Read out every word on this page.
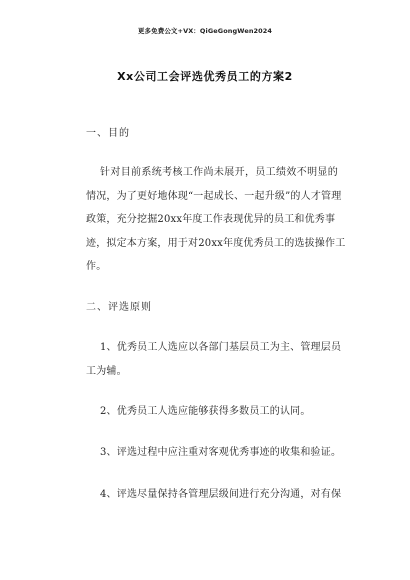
更多免费公文+VX：QiGeGongWen2024
Xx公司工会评选优秀员工的方案2
一、目的
针对目前系统考核工作尚未展开，员工绩效不明显的
情况，为了更好地体现“一起成长、一起升级”的人才管理
政策，充分挖掘20xx年度工作表现优异的员工和优秀事
迹，拟定本方案，用于对20xx年度优秀员工的选拔操作工
作。
二、评选原则
1、优秀员工人选应以各部门基层员工为主、管理层员
工为辅。
2、优秀员工人选应能够获得多数员工的认同。
3、评选过程中应注重对客观优秀事迹的收集和验证。
4、评选尽量保持各管理层级间进行充分沟通，对有保
